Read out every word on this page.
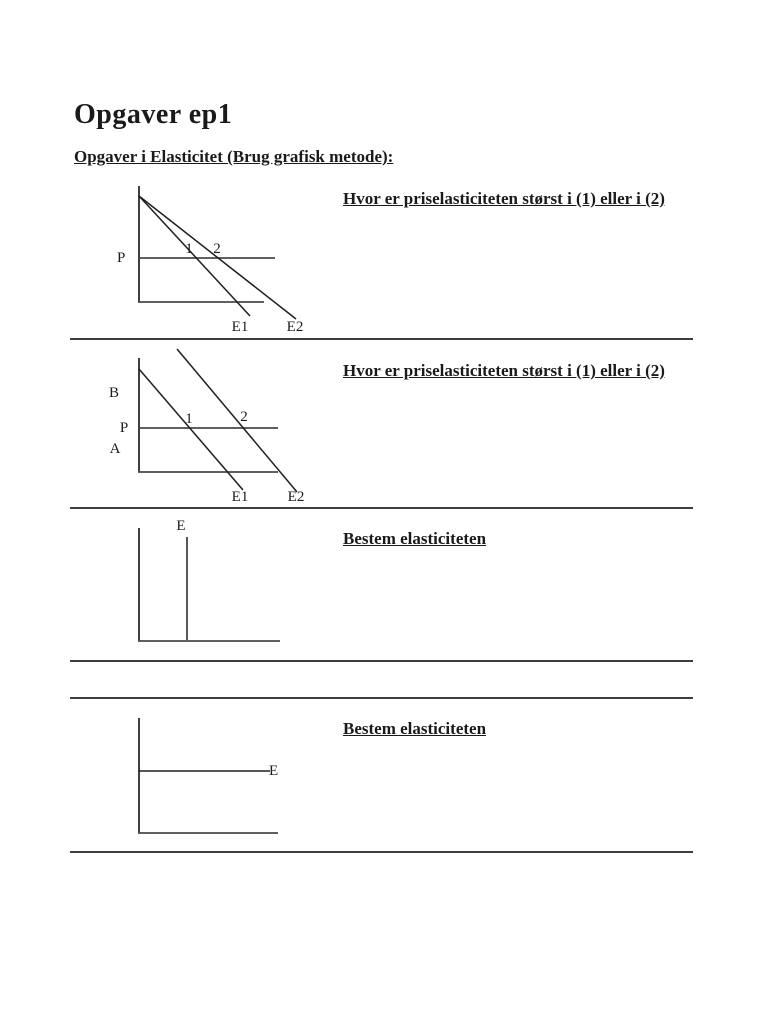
Opgaver ep1
Opgaver i Elasticitet (Brug grafisk metode):
P
1 2
E1	E2
Hvor er priselasticiteten størst i (1) eller i (2)
B
P
A
1	2
E1	E2
Hvor er priselasticiteten størst i (1) eller i (2)
E
Bestem elasticiteten
E
Bestem elasticiteten
